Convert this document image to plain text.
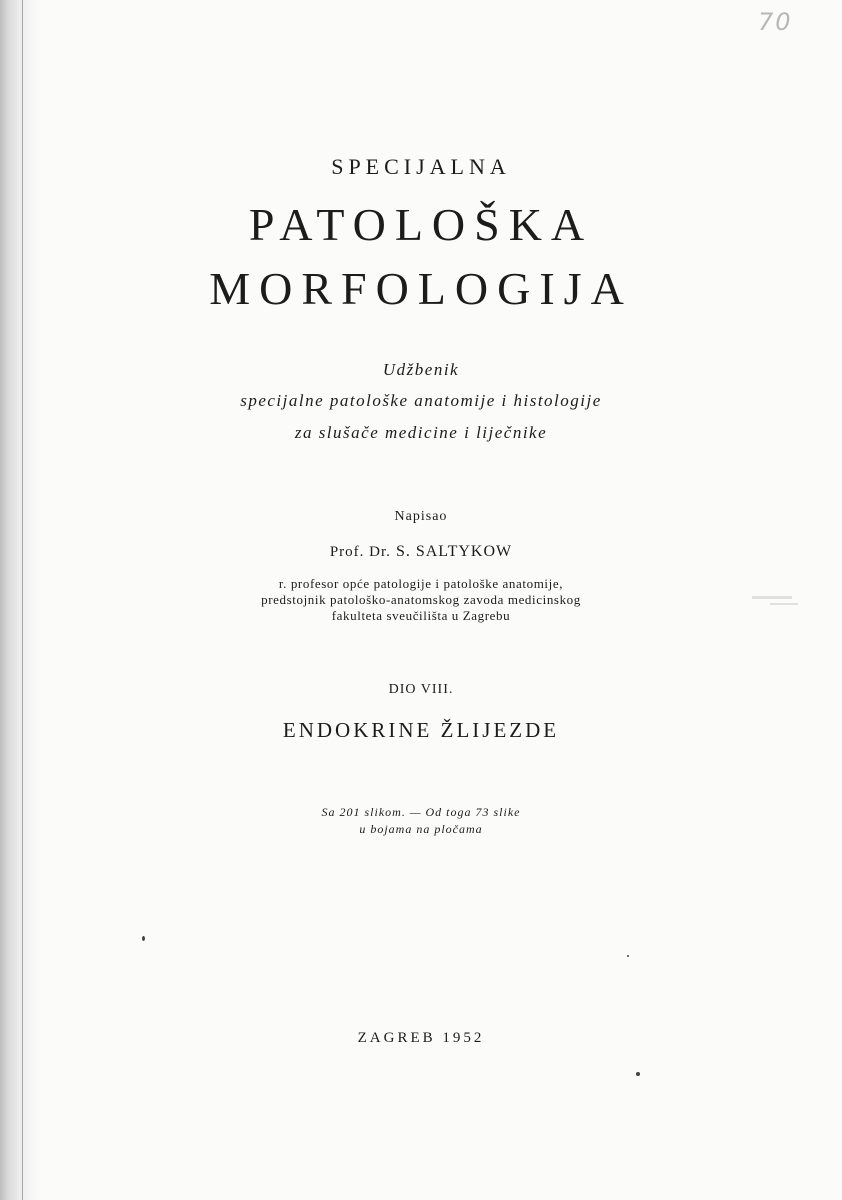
70
SPECIJALNA
PATOLOŠKA
MORFOLOGIJA
Udžbenik
specijalne patološke anatomije i histologije
za slušače medicine i liječnike
Napisao
Prof. Dr. S. SALTYKOW
r. profesor opće patologije i patološke anatomije,
predstojnik patološko-anatomskog zavoda medicinskog
fakulteta sveučilišta u Zagrebu
DIO VIII.
ENDOKRINE ŽLIJEZDE
Sa 201 slikom. — Od toga 73 slike
u bojama na pločama
ZAGREB 1952
